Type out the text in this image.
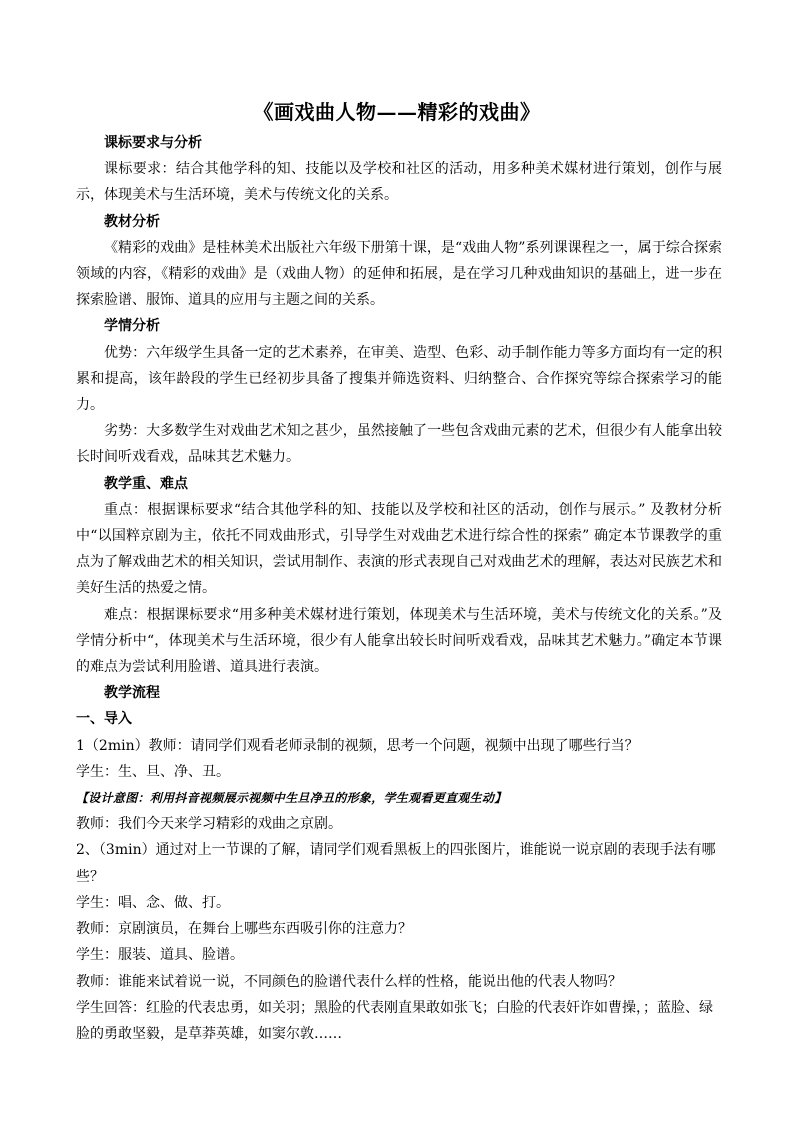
《画戏曲人物——精彩的戏曲》

课标要求与分析

课标要求：结合其他学科的知、技能以及学校和社区的活动，用多种美术媒材进行策划，创作与展示，体现美术与生活环境，美术与传统文化的关系。

教材分析

《精彩的戏曲》是桂林美术出版社六年级下册第十课，是“戏曲人物”系列课课程之一，属于综合探索领域的内容，《精彩的戏曲》是（戏曲人物）的延伸和拓展，是在学习几种戏曲知识的基础上，进一步在探索脸谱、服饰、道具的应用与主题之间的关系。

学情分析

优势：六年级学生具备一定的艺术素养，在审美、造型、色彩、动手制作能力等多方面均有一定的积累和提高，该年龄段的学生已经初步具备了搜集并筛选资料、归纳整合、合作探究等综合探索学习的能力。

劣势：大多数学生对戏曲艺术知之甚少，虽然接触了一些包含戏曲元素的艺术，但很少有人能拿出较长时间听戏看戏，品味其艺术魅力。

教学重、难点

重点：根据课标要求“结合其他学科的知、技能以及学校和社区的活动，创作与展示。” 及教材分析中“以国粹京剧为主，依托不同戏曲形式，引导学生对戏曲艺术进行综合性的探索” 确定本节课教学的重点为了解戏曲艺术的相关知识，尝试用制作、表演的形式表现自己对戏曲艺术的理解，表达对民族艺术和美好生活的热爱之情。

难点：根据课标要求“用多种美术媒材进行策划，体现美术与生活环境，美术与传统文化的关系。”及学情分析中“，体现美术与生活环境，很少有人能拿出较长时间听戏看戏，品味其艺术魅力。”确定本节课的难点为尝试利用脸谱、道具进行表演。

教学流程

一、导入

1（2min）教师：请同学们观看老师录制的视频，思考一个问题，视频中出现了哪些行当？

学生：生、旦、净、丑。

【设计意图：利用抖音视频展示视频中生旦净丑的形象，学生观看更直观生动】

教师：我们今天来学习精彩的戏曲之京剧。

2、（3min）通过对上一节课的了解，请同学们观看黑板上的四张图片，谁能说一说京剧的表现手法有哪些？

学生：唱、念、做、打。

教师：京剧演员，在舞台上哪些东西吸引你的注意力？

学生：服装、道具、脸谱。

教师：谁能来试着说一说，不同颜色的脸谱代表什么样的性格，能说出他的代表人物吗？

学生回答：红脸的代表忠勇，如关羽；黑脸的代表刚直果敢如张飞；白脸的代表奸诈如曹操，；蓝脸、绿脸的勇敢坚毅，是草莽英雄，如窦尔敦……
